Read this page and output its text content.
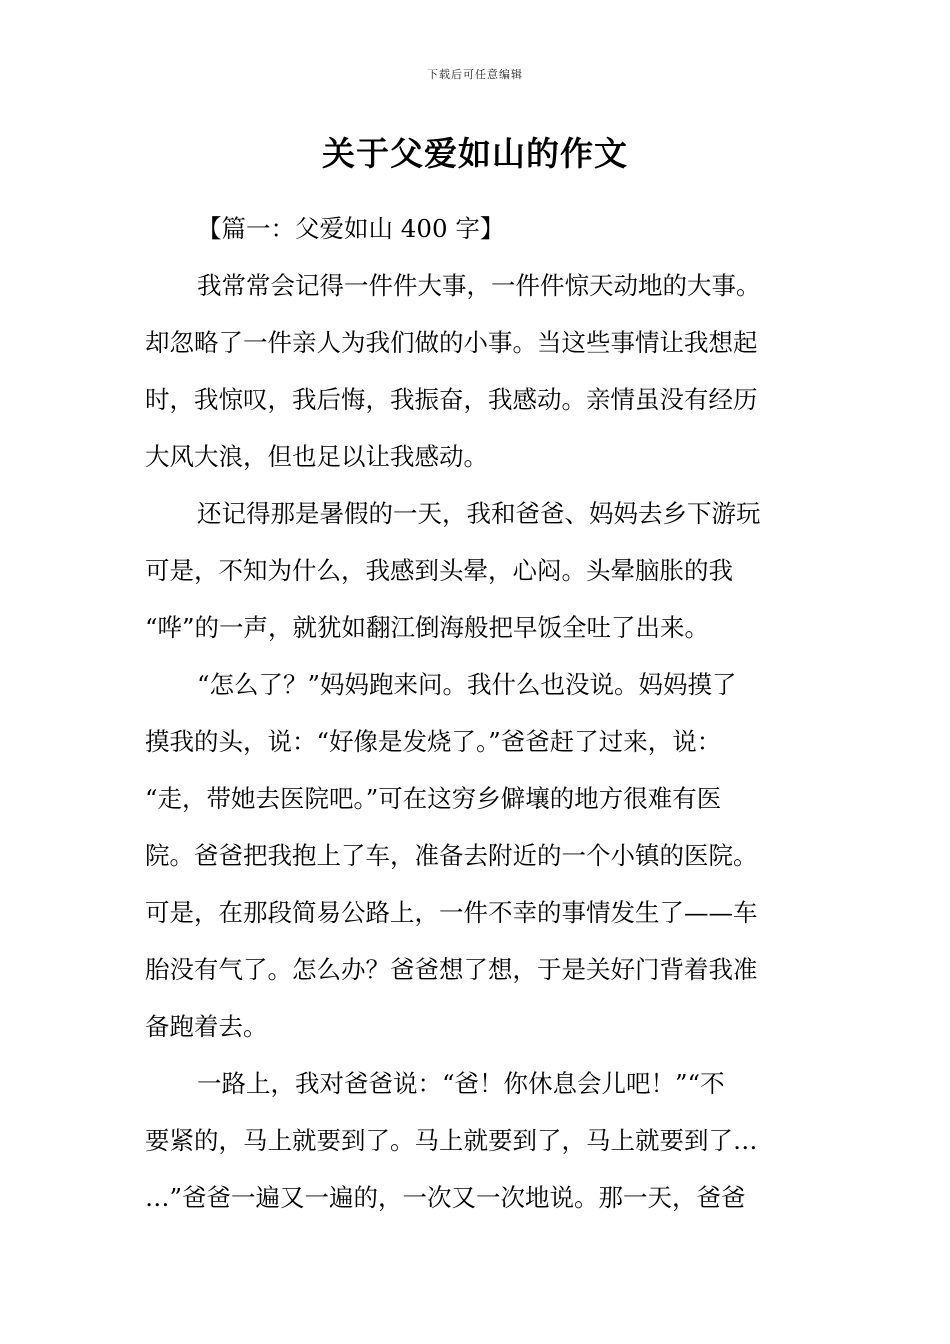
下载后可任意编辑
关于父爱如山的作文
【篇一：父爱如山 400 字】
我常常会记得一件件大事，一件件惊天动地的大事。
却忽略了一件亲人为我们做的小事。当这些事情让我想起
时，我惊叹，我后悔，我振奋，我感动。亲情虽没有经历
大风大浪，但也足以让我感动。
还记得那是暑假的一天，我和爸爸、妈妈去乡下游玩
可是，不知为什么，我感到头晕，心闷。头晕脑胀的我
“哗”的一声，就犹如翻江倒海般把早饭全吐了出来。
“怎么了？”妈妈跑来问。我什么也没说。妈妈摸了
摸我的头，说：“好像是发烧了。”爸爸赶了过来，说：
“走，带她去医院吧。”可在这穷乡僻壤的地方很难有医
院。爸爸把我抱上了车，准备去附近的一个小镇的医院。
可是，在那段简易公路上，一件不幸的事情发生了——车
胎没有气了。怎么办？爸爸想了想，于是关好门背着我准
备跑着去。
一路上，我对爸爸说：“爸！你休息会儿吧！”“不
要紧的，马上就要到了。马上就要到了，马上就要到了…
…”爸爸一遍又一遍的，一次又一次地说。那一天，爸爸
